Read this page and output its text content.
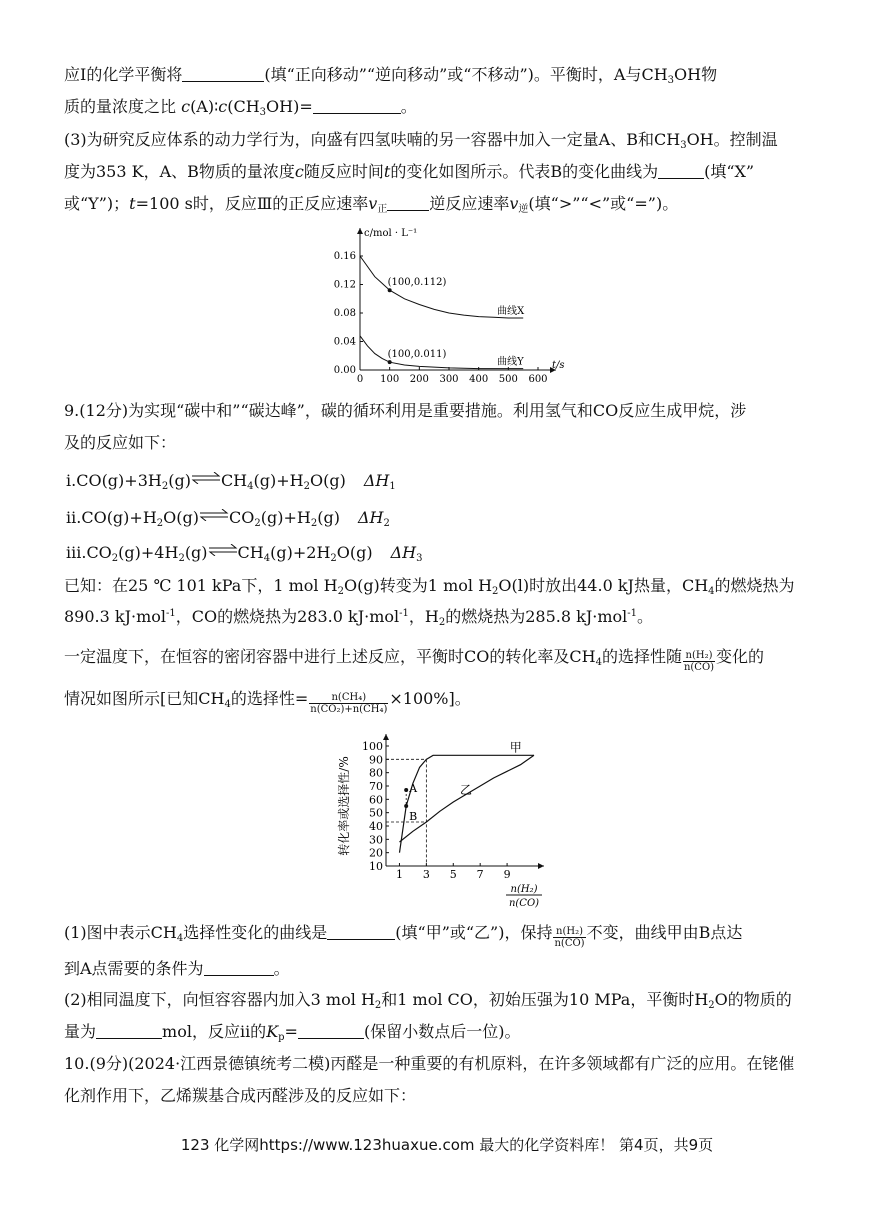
应Ⅰ的化学平衡将	(填“正向移动”“逆向移动”或“不移动”)。平衡时，A与$CH_3OH$物
质的量浓度之比 $c(A)∶c(CH_3OH)=$	。
(3)为研究反应体系的动力学行为，向盛有四氢呋喃的另一容器中加入一定量A、B和$CH_3OH$。控制温
度为353 K，A、B物质的量浓度c随反应时间t的变化如图所示。代表B的变化曲线为	(填“X”
或“Y”)；t=100 s时，反应Ⅲ的正反应速率$v_正$	逆反应速率$v_逆$(填“>”“<”或“=”)。
0 100 200 300 400 500 600
0.00
0.04
0.08
0.12
0.16
c/mol · L⁻¹
t/s
曲线X
曲线Y
(100,0.112)
(100,0.011)
9.(12分)为实现“碳中和”“碳达峰”，碳的循环利用是重要措施。利用氢气和CO反应生成甲烷，涉
及的反应如下：
$ⅰ.CO(g)+3H_2(g)\rightleftharpoons CH_4(g)+H_2O(g)$ $\Delta H_1$
$ⅱ.CO(g)+H_2O(g)\rightleftharpoons CO_2(g)+H_2(g)$ $\Delta H_2$
$ⅲ.CO_2(g)+4H_2(g)\rightleftharpoons CH_4(g)+2H_2O(g)$ $\Delta H_3$
已知：在25 ℃ 101 kPa下，1 mol $H_2O(g)$转变为1 mol $H_2O(l)$时放出44.0 kJ热量，$CH_4$的燃烧热为
890.3 kJ·mol$^{-1}$，CO的燃烧热为283.0 kJ·mol$^{-1}$，$H_2$的燃烧热为285.8 kJ·mol$^{-1}$。
一定温度下，在恒容的密闭容器中进行上述反应，平衡时CO的转化率及$CH_4$的选择性随 $\frac{\text{n(H₂)}}{n(CO)}$ 变化的
情况如图所示[已知$CH_4$的选择性= $\frac{\text{n(CH₄)}}{\text{n(CO₂)+n(CH₄)}} \times 100\%$]。
1 3 5 7 9
10
20
30
40
50
60
70
80
90
100
转化率或选择性/%
n(H₂)
n(CO)
甲
乙
A
B
(1)图中表示$CH_4$选择性变化的曲线是	(填“甲”或“乙”)，保持 $\frac{\text{n(H₂)}}{n(CO)}$ 不变，曲线甲由B点达
到A点需要的条件为	。
(2)相同温度下，向恒容容器内加入3 mol $H_2$和1 mol CO，初始压强为10 MPa，平衡时$H_2O$的物质的
量为	mol，反应ⅱ的$K_p=$	(保留小数点后一位)。
10.(9分)(2024·江西景德镇统考二模)丙醛是一种重要的有机原料，在许多领域都有广泛的应用。在铑催
化剂作用下，乙烯羰基合成丙醛涉及的反应如下：
123 化学网https://www.123huaxue.com 最大的化学资料库！ 第4页，共9页
